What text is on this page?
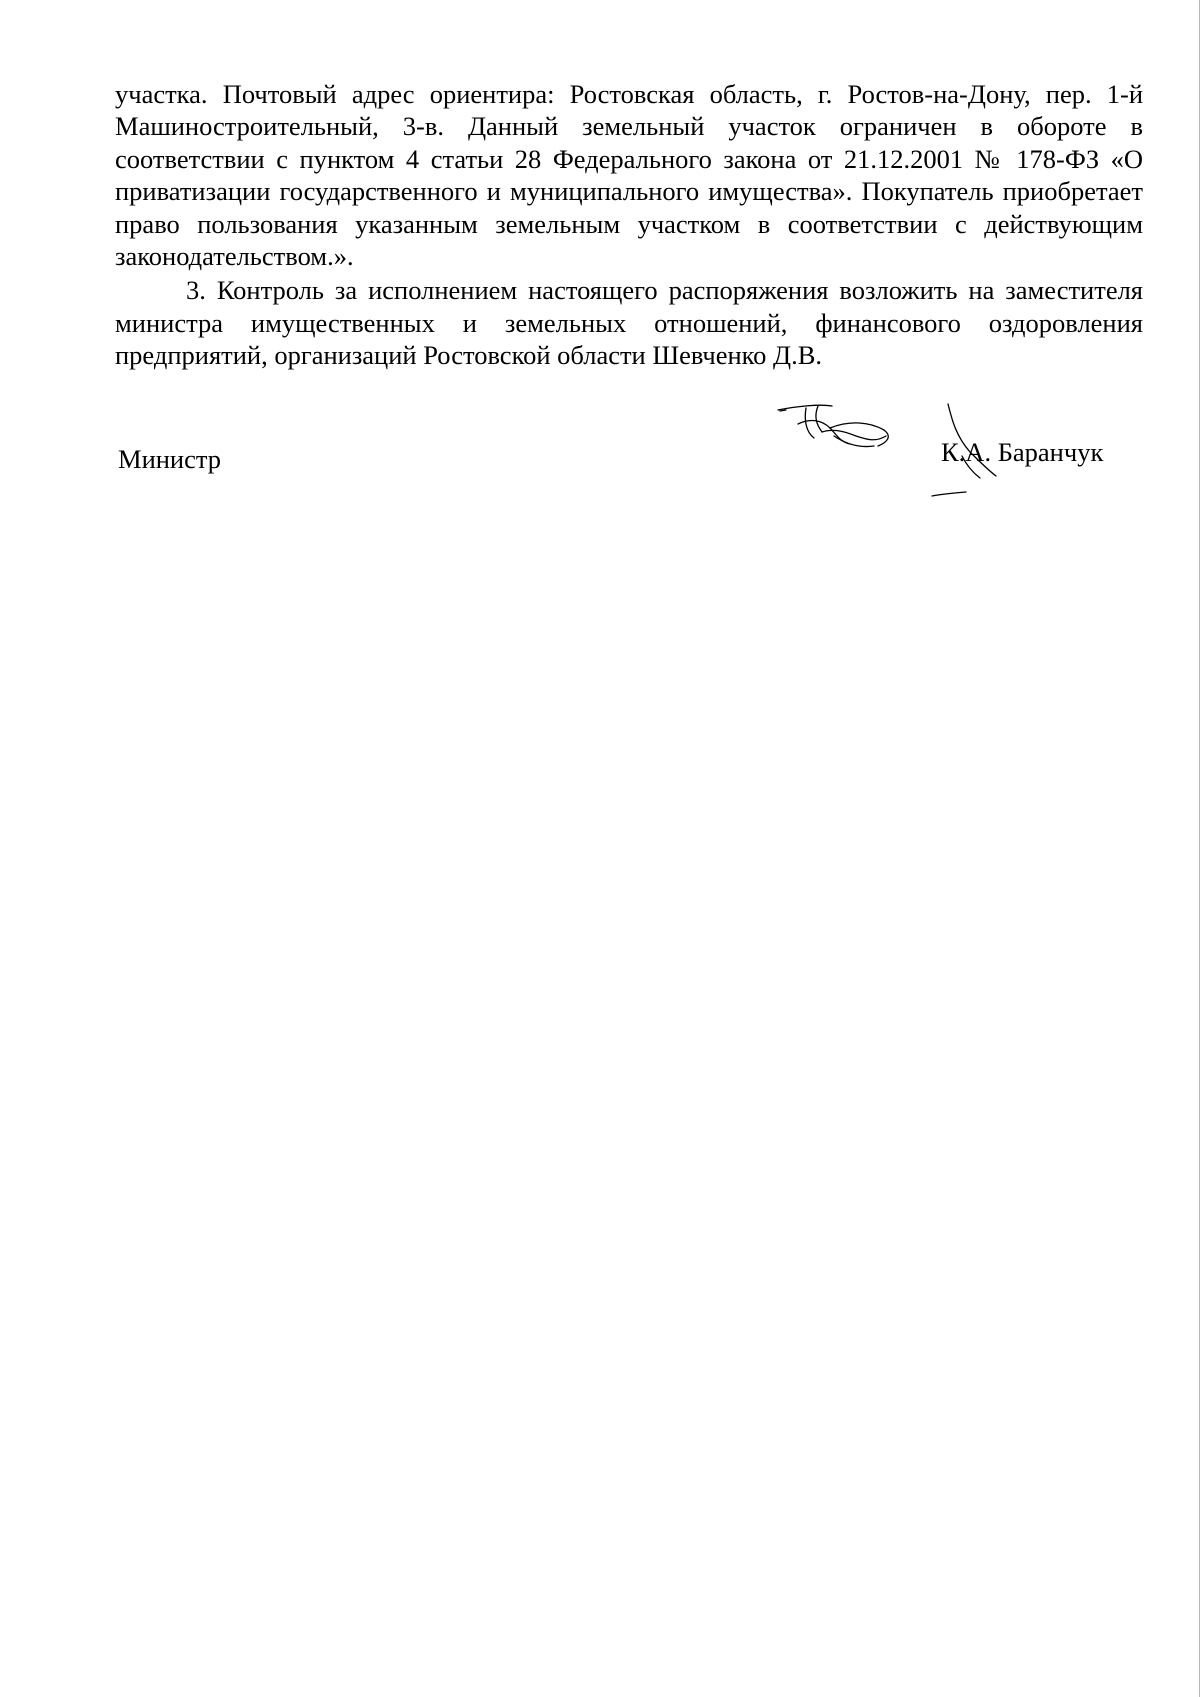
участка. Почтовый адрес ориентира: Ростовская область, г. Ростов-на-Дону, пер. 1-й Машиностроительный, 3-в. Данный земельный участок ограничен в обороте в соответствии с пунктом 4 статьи 28 Федерального закона от 21.12.2001 № 178-ФЗ «О приватизации государственного и муниципального имущества». Покупатель приобретает право пользования указанным земельным участком в соответствии с действующим законодательством.».

3. Контроль за исполнением настоящего распоряжения возложить на заместителя министра имущественных и земельных отношений, финансового оздоровления предприятий, организаций Ростовской области Шевченко Д.В.

Министр	К.А. Баранчук
